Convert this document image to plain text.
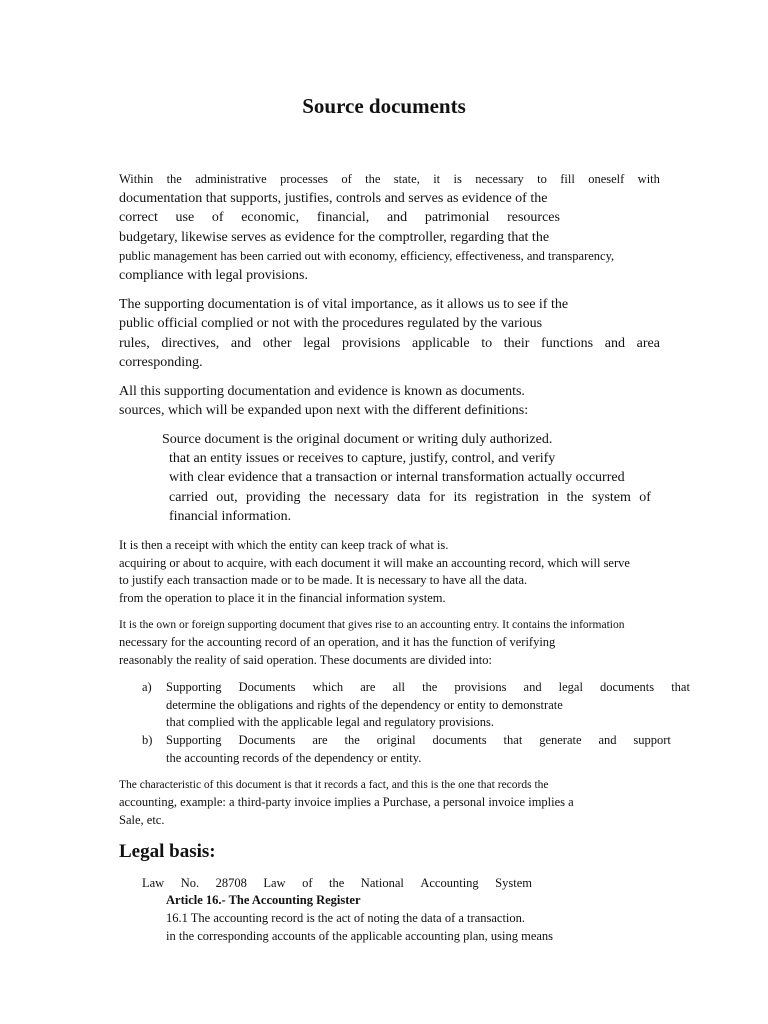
Source documents
Within the administrative processes of the state, it is necessary to fill oneself with
documentation that supports, justifies, controls and serves as evidence of the
correct use of economic, financial, and patrimonial resources
budgetary, likewise serves as evidence for the comptroller, regarding that the
public management has been carried out with economy, efficiency, effectiveness, and transparency,
compliance with legal provisions.
The supporting documentation is of vital importance, as it allows us to see if the
public official complied or not with the procedures regulated by the various
rules, directives, and other legal provisions applicable to their functions and area
corresponding.
All this supporting documentation and evidence is known as documents.
sources, which will be expanded upon next with the different definitions:
Source document is the original document or writing duly authorized.
that an entity issues or receives to capture, justify, control, and verify
with clear evidence that a transaction or internal transformation actually occurred
carried out, providing the necessary data for its registration in the system of
financial information.
It is then a receipt with which the entity can keep track of what is.
acquiring or about to acquire, with each document it will make an accounting record, which will serve
to justify each transaction made or to be made. It is necessary to have all the data.
from the operation to place it in the financial information system.
It is the own or foreign supporting document that gives rise to an accounting entry. It contains the information
necessary for the accounting record of an operation, and it has the function of verifying
reasonably the reality of said operation. These documents are divided into:
a) Supporting Documents which are all the provisions and legal documents that
determine the obligations and rights of the dependency or entity to demonstrate
that complied with the applicable legal and regulatory provisions.
b) Supporting Documents are the original documents that generate and support
the accounting records of the dependency or entity.
The characteristic of this document is that it records a fact, and this is the one that records the
accounting, example: a third-party invoice implies a Purchase, a personal invoice implies a
Sale, etc.
Legal basis:
Law No. 28708 Law of the National Accounting System
Article 16.- The Accounting Register
16.1 The accounting record is the act of noting the data of a transaction.
in the corresponding accounts of the applicable accounting plan, using means
